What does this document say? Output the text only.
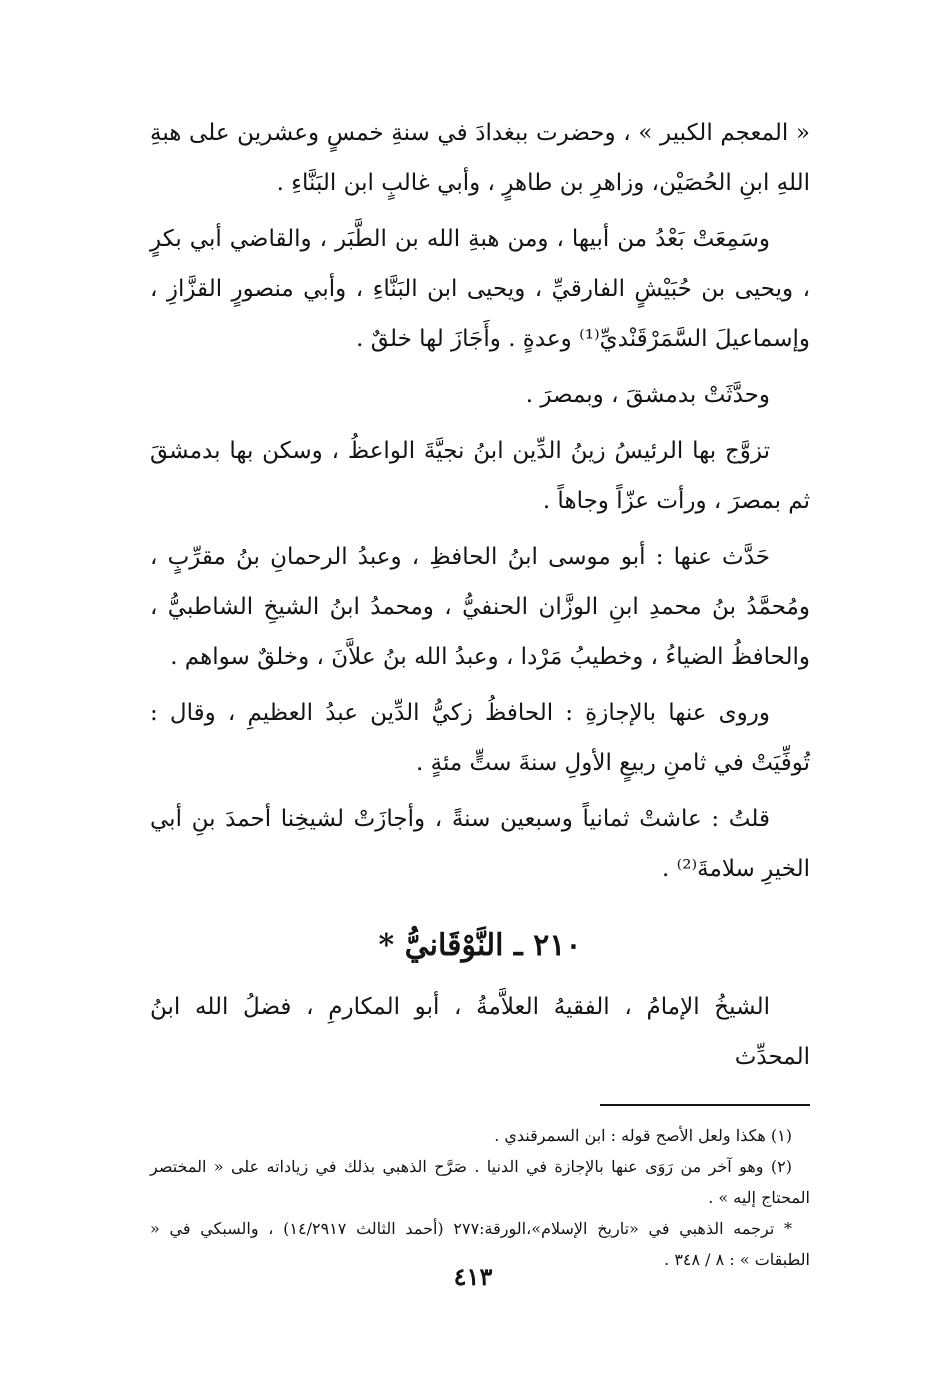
« المعجم الكبير » ، وحضرت ببغدادَ في سنةِ خمسٍ وعشرين على هبةِ اللهِ ابنِ الحُصَيْن، وزاهرِ بن طاهرٍ ، وأبي غالبٍ ابن البَنَّاءِ .

وسَمِعَتْ بَعْدُ من أبيها ، ومن هبةِ الله بن الطَّبَر ، والقاضي أبي بكرٍ ، ويحيى بن حُبَيْشٍ الفارقيِّ ، ويحيى ابن البَنَّاءِ ، وأبي منصورٍ القزَّازِ ، وإسماعيلَ السَّمَرْقَنْديِّ⁽¹⁾ وعدةٍ . وأَجَازَ لها خلقٌ .

وحدَّثَتْ بدمشقَ ، وبمصرَ .

تزوَّج بها الرئيسُ زينُ الدِّين ابنُ نجيَّةَ الواعظُ ، وسكن بها بدمشقَ ثم بمصرَ ، ورأت عزّاً وجاهاً .

حَدَّث عنها : أبو موسى ابنُ الحافظِ ، وعبدُ الرحمانِ بنُ مقرِّبٍ ، ومُحمَّدُ بنُ محمدِ ابنِ الوزَّان الحنفيُّ ، ومحمدُ ابنُ الشيخِ الشاطبيُّ ، والحافظُ الضياءُ ، وخطيبُ مَرْدا ، وعبدُ الله بنُ علاَّنَ ، وخلقٌ سواهم .

وروى عنها بالإجازةِ : الحافظُ زكيُّ الدِّين عبدُ العظيمِ ، وقال : تُوفِّيَتْ في ثامنِ ربيعٍ الأولِ سنةَ ستٍّ مئةٍ .

قلتُ : عاشتْ ثمانياً وسبعين سنةً ، وأجازَتْ لشيخِنا أحمدَ بنِ أبي الخيرِ سلامةَ⁽²⁾ .

٢١٠ ـ النَّوْقَانيُّ *

الشيخُ الإمامُ ، الفقيهُ العلاَّمةُ ، أبو المكارمِ ، فضلُ الله ابنُ المحدِّث

(١) هكذا ولعل الأصح قوله : ابن السمرقندي .

(٢) وهو آخر من رَوَى عنها بالإجازة في الدنيا . صَرَّح الذهبي بذلك في زياداته على « المختصر المحتاج إليه » .

* ترجمه الذهبي في «تاريخ الإسلام»،الورقة:٢٧٧ (أحمد الثالث ١٤/٢٩١٧) ، والسبكي في « الطبقات » : ٨ / ٣٤٨ .

٤١٣
